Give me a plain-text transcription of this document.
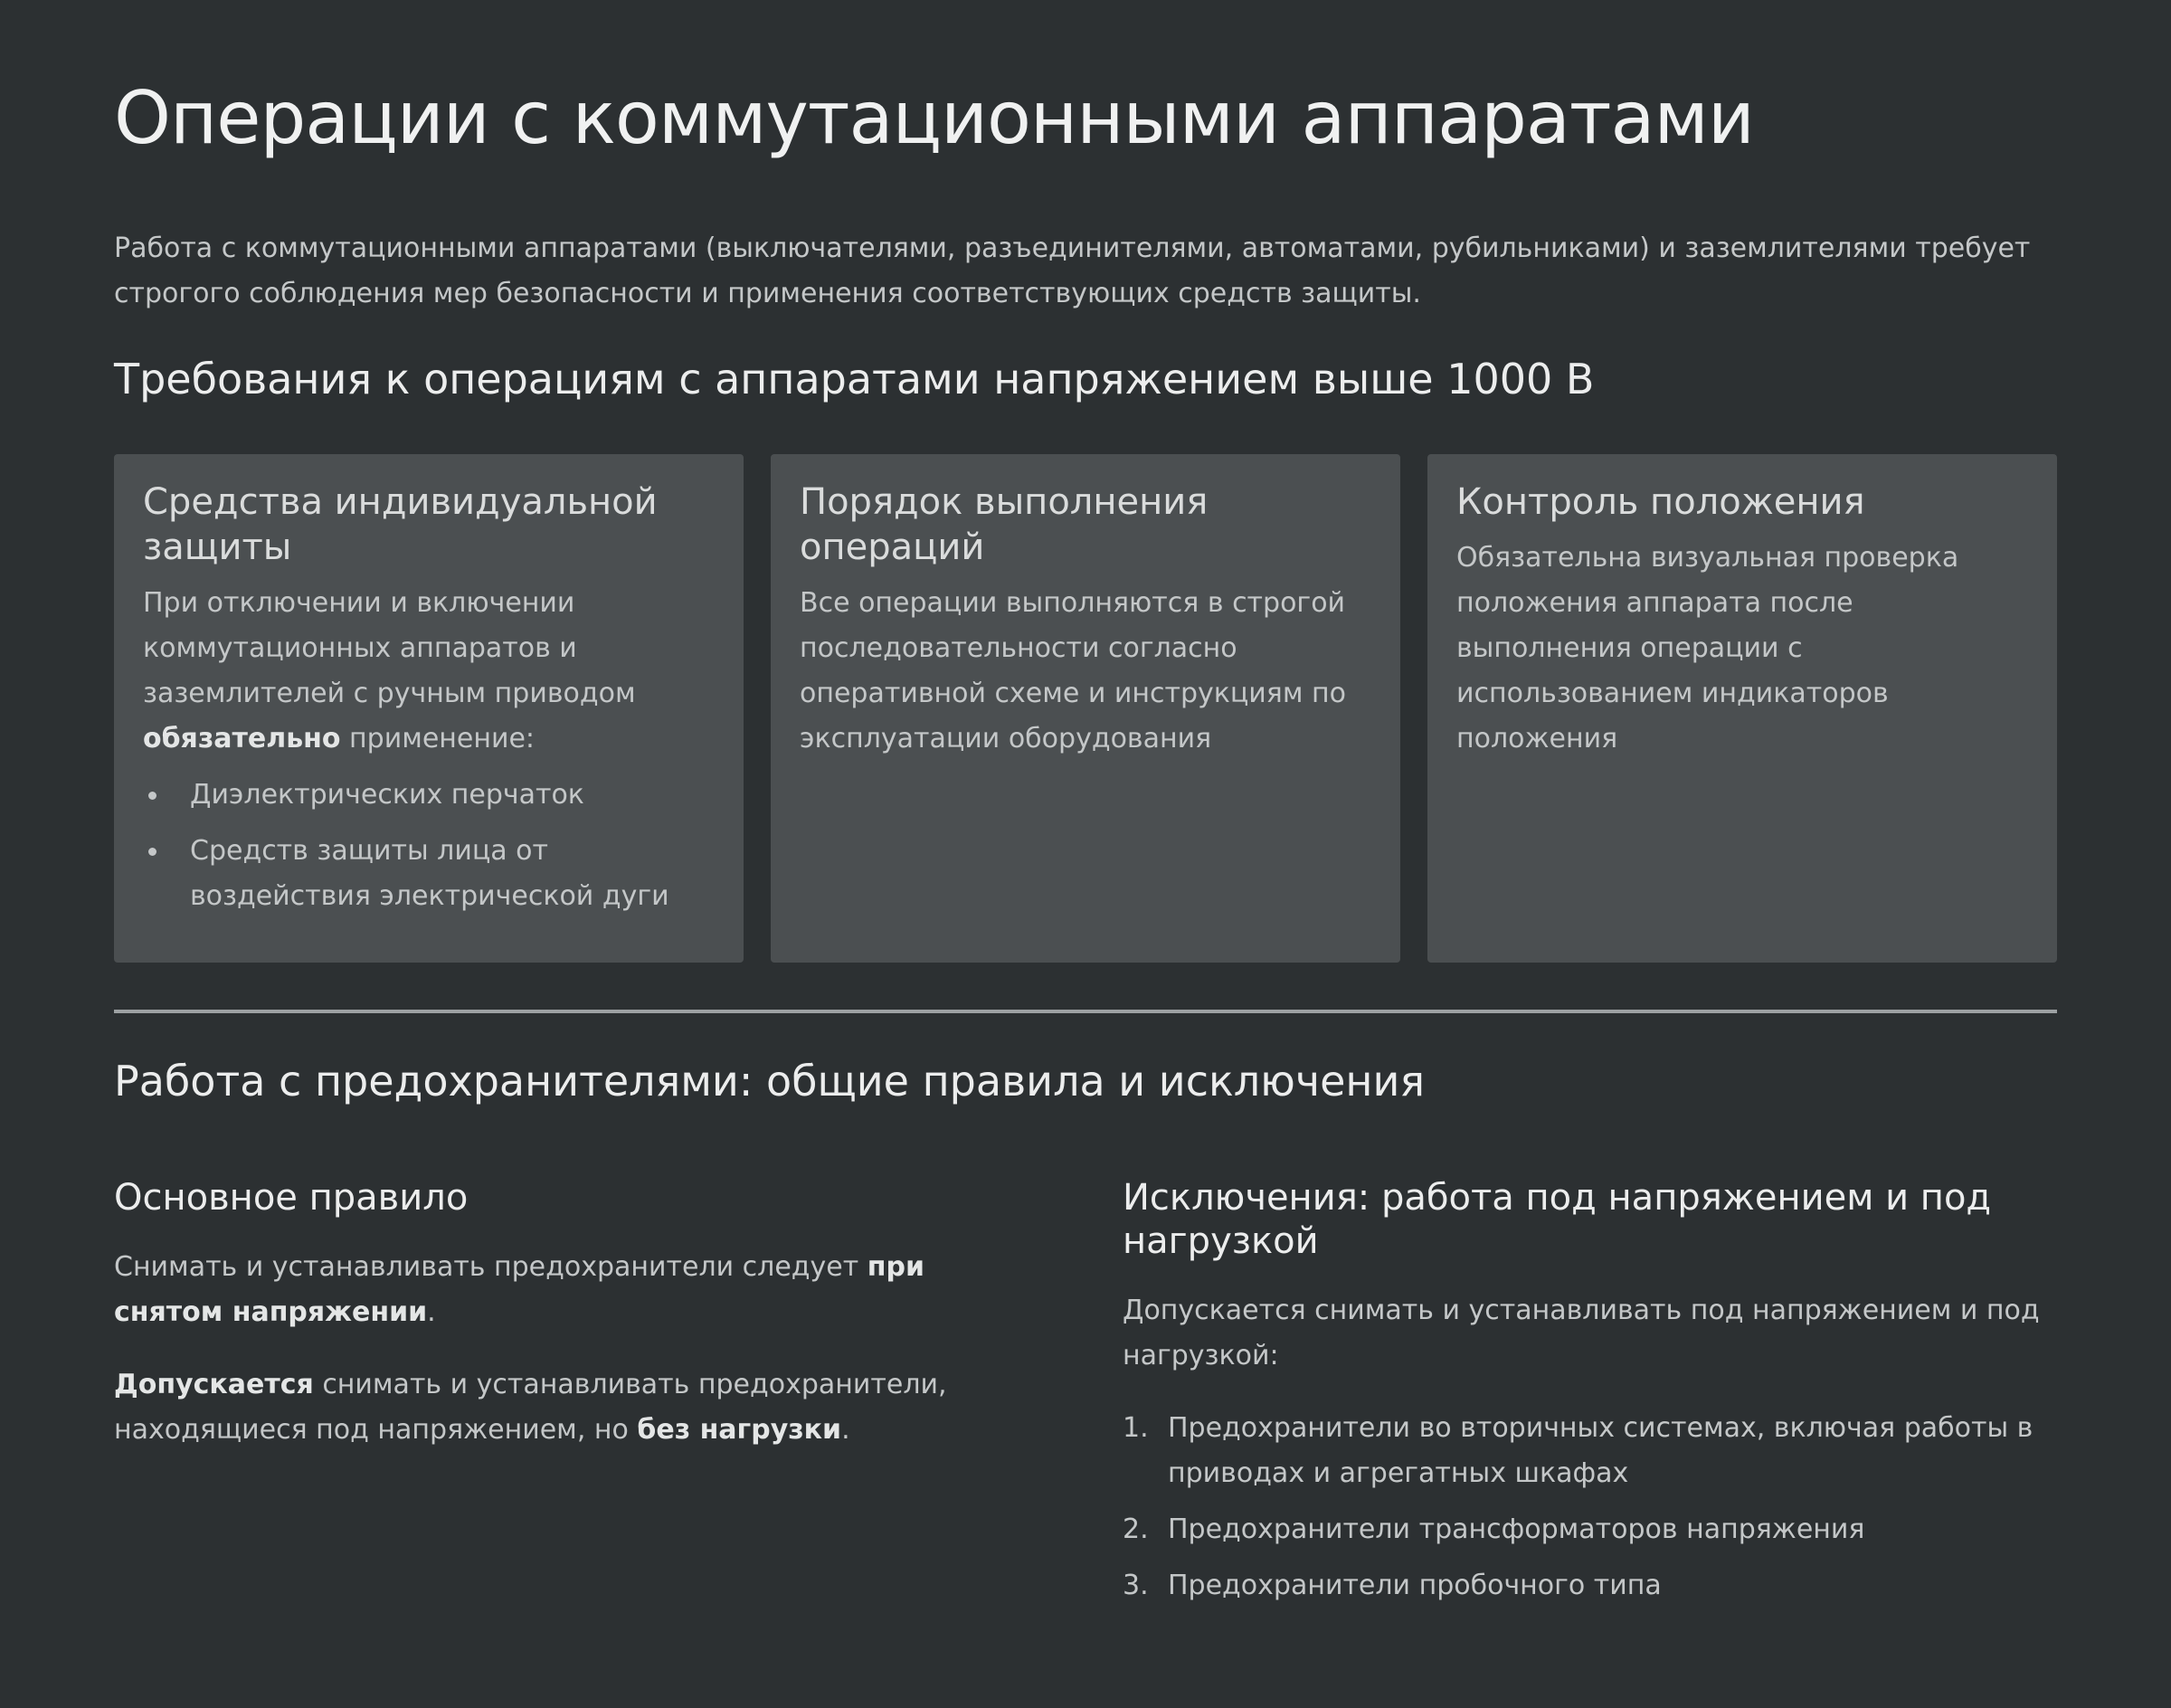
Операции с коммутационными аппаратами

Работа с коммутационными аппаратами (выключателями, разъединителями, автоматами, рубильниками) и заземлителями требует строгого соблюдения мер безопасности и применения соответствующих средств защиты.

Требования к операциям с аппаратами напряжением выше 1000 В
Средства индивидуальной защиты

При отключении и включении коммутационных аппаратов и заземлителей с ручным приводом обязательно применение:

Диэлектрических перчаток
Средств защиты лица от воздействия электрической дуги
Порядок выполнения операций

Все операции выполняются в строгой последовательности согласно оперативной схеме и инструкциям по эксплуатации оборудования

Контроль положения

Обязательна визуальная проверка положения аппарата после выполнения операции с использованием индикаторов положения

Работа с предохранителями: общие правила и исключения
Основное правило

Снимать и устанавливать предохранители следует при снятом напряжении.

Допускается снимать и устанавливать предохранители, находящиеся под напряжением, но без нагрузки.

Исключения: работа под напряжением и под нагрузкой

Допускается снимать и устанавливать под напряжением и под нагрузкой:

1. Предохранители во вторичных системах, включая работы в приводах и агрегатных шкафах
2. Предохранители трансформаторов напряжения
3. Предохранители пробочного типа
